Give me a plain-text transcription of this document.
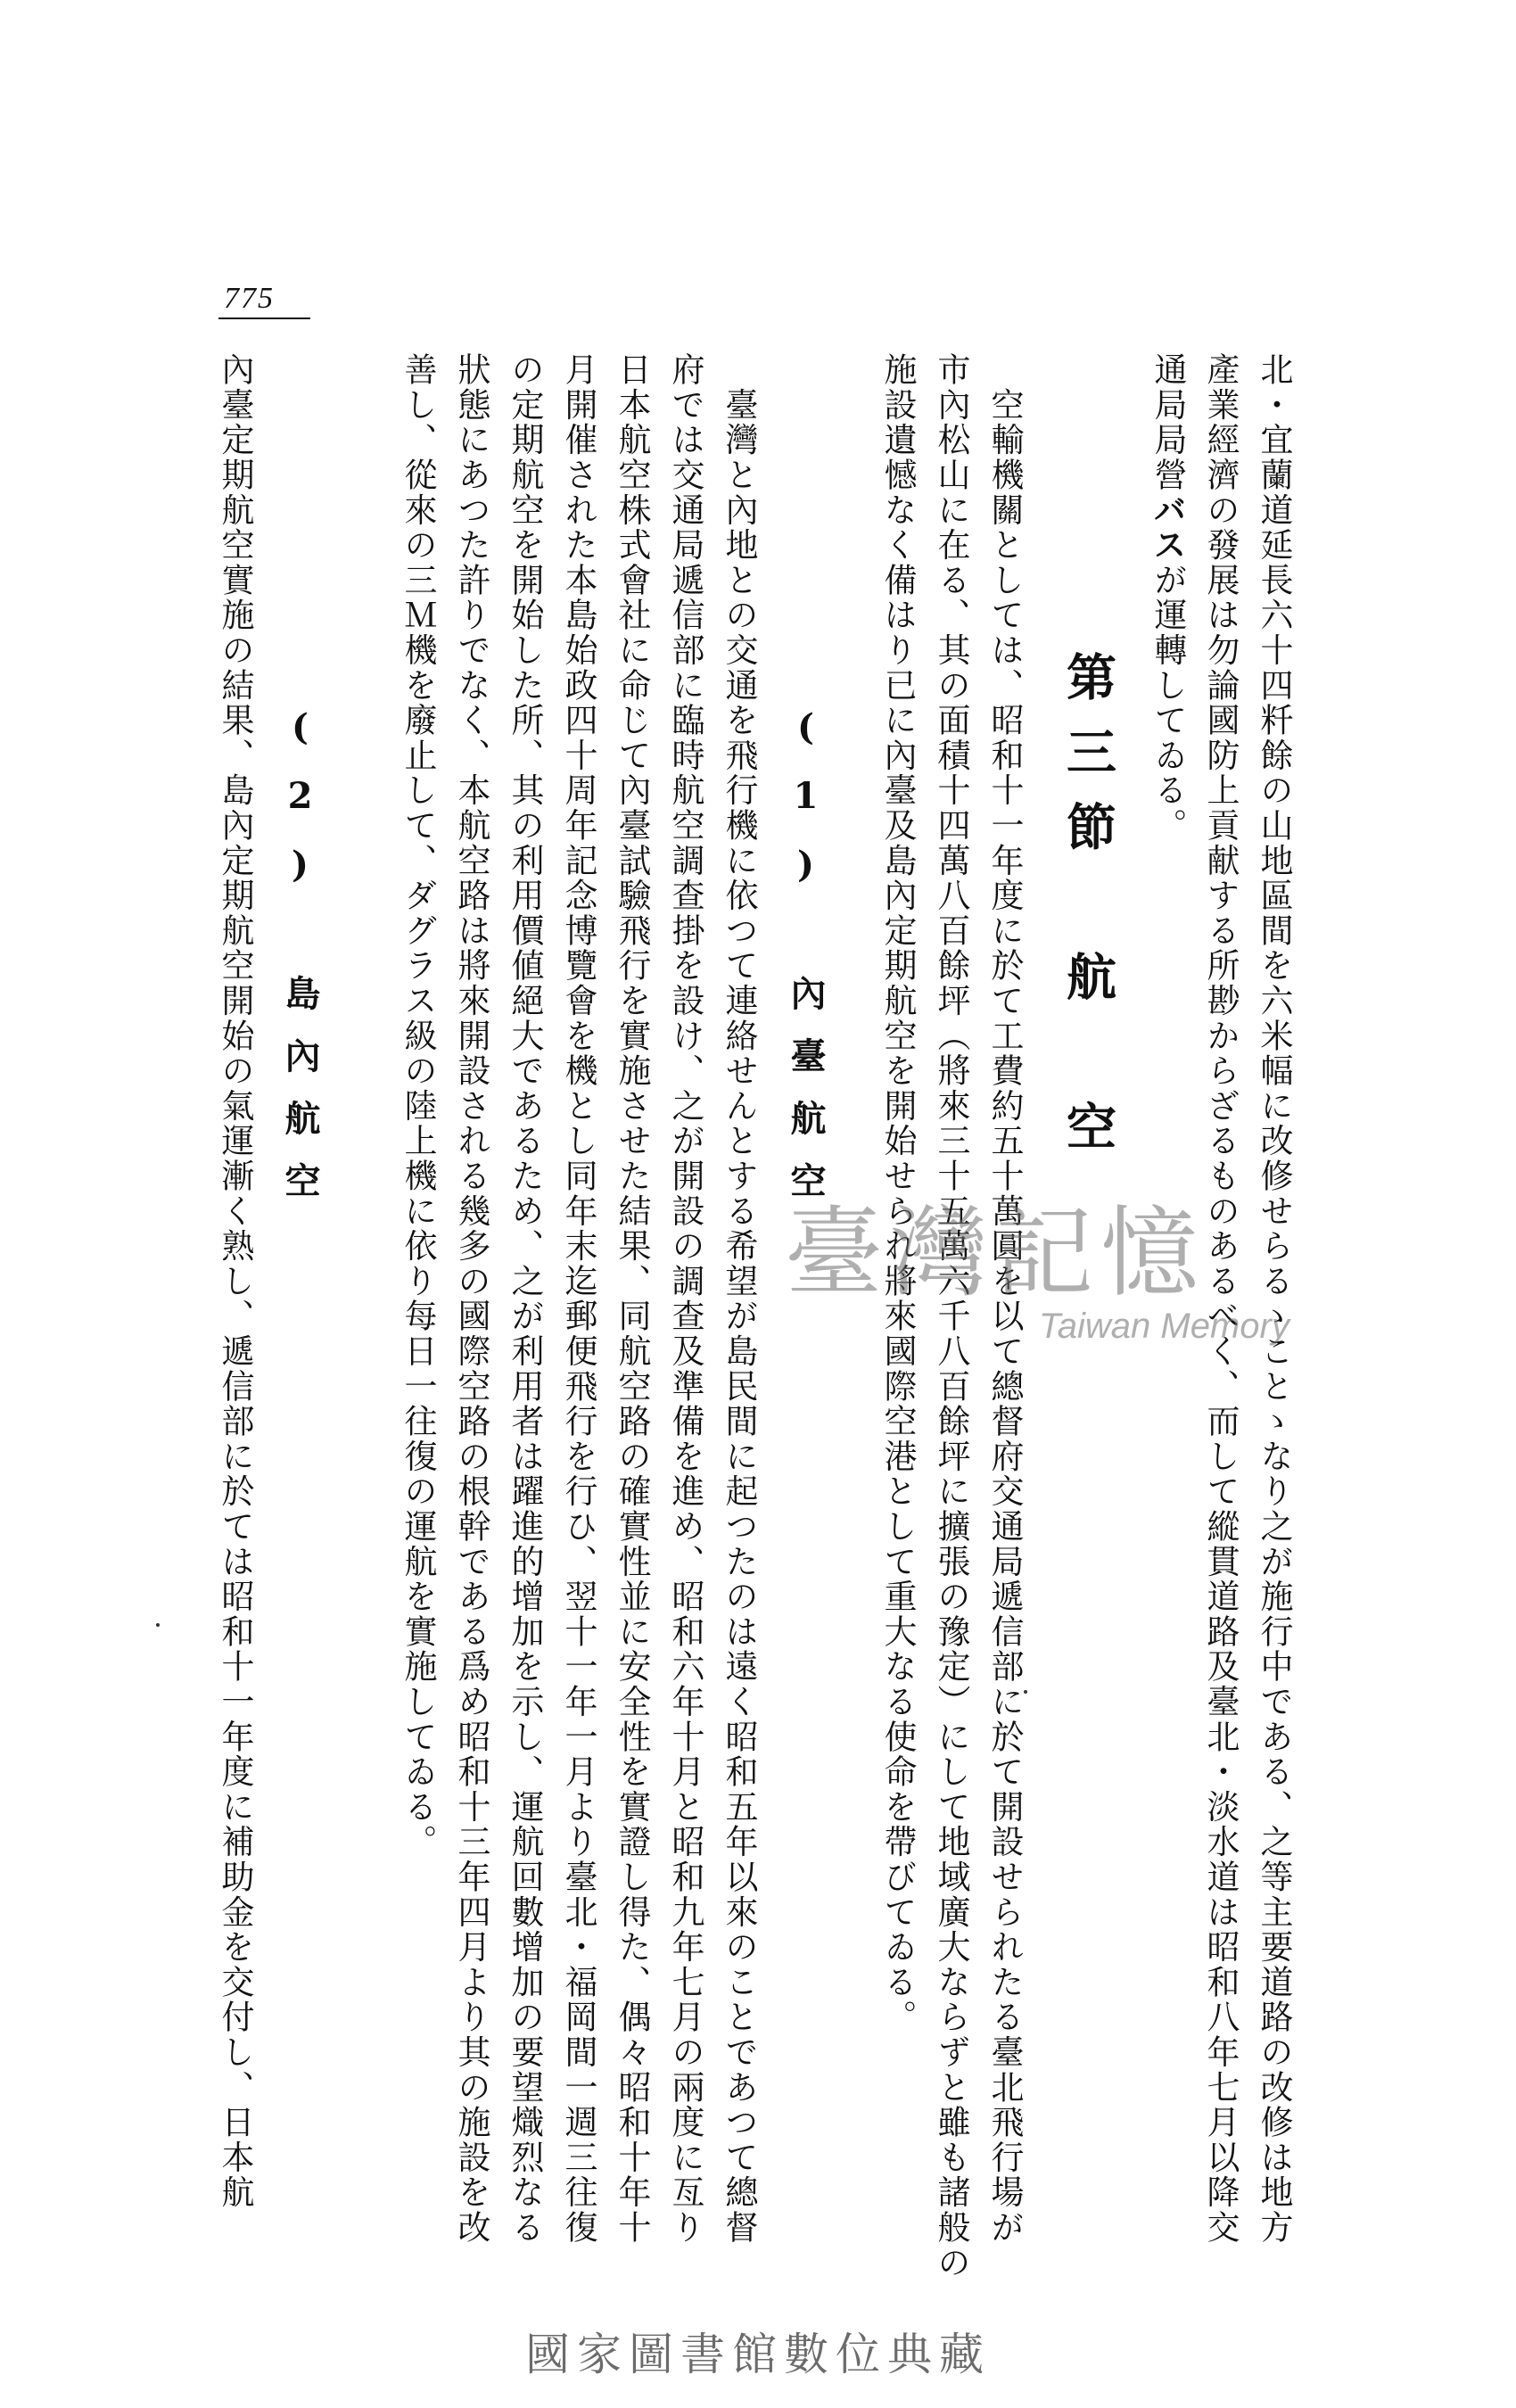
775
北・宜蘭道延長六十四粁餘の山地區間を六米幅に改修せらるゝことゝなり之が施行中である、之等主要道路の改修は地方
產業經濟の發展は勿論國防上貢献する所尠からざるものあるべく、而して縱貫道路及臺北・淡水道は昭和八年七月以降交
通局局營バスが運轉してゐる。
第三節　航　空
　空輸機關としては、昭和十一年度に於て工費約五十萬圓を以て總督府交通局遞信部に於て開設せられたる臺北飛行場が
市內松山に在る、其の面積十四萬八百餘坪（將來三十五萬六千八百餘坪に擴張の豫定）にして地域廣大ならずと雖も諸般の
施設遺憾なく備はり已に內臺及島內定期航空を開始せられ將來國際空港として重大なる使命を帶びてゐる。
(1)　內臺航空
　臺灣と內地との交通を飛行機に依つて連絡せんとする希望が島民間に起つたのは遠く昭和五年以來のことであつて總督
府では交通局遞信部に臨時航空調查掛を設け、之が開設の調查及準備を進め、昭和六年十月と昭和九年七月の兩度に亙り
日本航空株式會社に命じて內臺試驗飛行を實施させた結果、同航空路の確實性並に安全性を實證し得た、偶々昭和十年十
月開催された本島始政四十周年記念博覽會を機とし同年末迄郵便飛行を行ひ、翌十一年一月より臺北・福岡間一週三往復
の定期航空を開始した所、其の利用價値絕大であるため、之が利用者は躍進的增加を示し、運航回數增加の要望熾烈なる
狀態にあつた許りでなく、本航空路は將來開設される幾多の國際空路の根幹である爲め昭和十三年四月より其の施設を改
善し、從來の三Ｍ機を廢止して、ダグラス級の陸上機に依り每日一往復の運航を實施してゐる。
(2)　島內航空
內臺定期航空實施の結果、島內定期航空開始の氣運漸く熟し、遞信部に於ては昭和十一年度に補助金を交付し、日本航	臺灣記憶
Taiwan Memory
國家圖書館數位典藏
